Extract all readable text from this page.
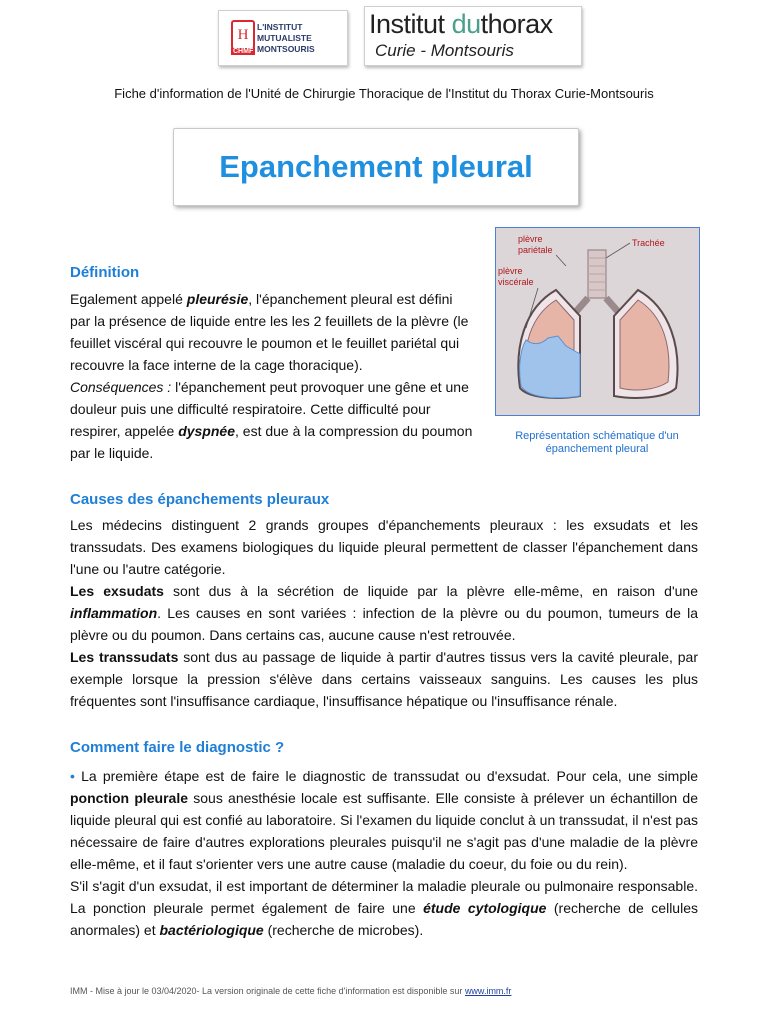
H
CHMF
L'INSTITUT
MUTUALISTE
MONTSOURIS
Institut duthorax
Curie - Montsouris
Fiche d'information de l'Unité de Chirurgie Thoracique de l'Institut du Thorax Curie-Montsouris
Epanchement pleural
plèvre
pariétale
plèvre
viscérale
Trachée
Représentation schématique d'un épanchement pleural
Définition
Egalement appelé pleurésie, l'épanchement pleural est défini
par la présence de liquide entre les les 2 feuillets de la plèvre (le
feuillet viscéral qui recouvre le poumon et le feuillet pariétal qui
recouvre la face interne de la cage thoracique).
Conséquences : l'épanchement peut provoquer une gêne et une
douleur puis une difficulté respiratoire. Cette difficulté pour
respirer, appelée dyspnée, est due à la compression du poumon
par le liquide.
Causes des épanchements pleuraux
Les médecins distinguent 2 grands groupes d'épanchements pleuraux : les exsudats et les transsudats. Des examens biologiques du liquide pleural permettent de classer l'épanchement dans l'une ou l'autre catégorie.
Les exsudats sont dus à la sécrétion de liquide par la plèvre elle-même, en raison d'une inflammation. Les causes en sont variées : infection de la plèvre ou du poumon, tumeurs de la plèvre ou du poumon. Dans certains cas, aucune cause n'est retrouvée.
Les transsudats sont dus au passage de liquide à partir d'autres tissus vers la cavité pleurale, par exemple lorsque la pression s'élève dans certains vaisseaux sanguins. Les causes les plus fréquentes sont l'insuffisance cardiaque, l'insuffisance hépatique ou l'insuffisance rénale.
Comment faire le diagnostic ?
• La première étape est de faire le diagnostic de transsudat ou d'exsudat. Pour cela, une simple ponction pleurale sous anesthésie locale est suffisante. Elle consiste à prélever un échantillon de liquide pleural qui est confié au laboratoire. Si l'examen du liquide conclut à un transsudat, il n'est pas nécessaire de faire d'autres explorations pleurales puisqu'il ne s'agit pas d'une maladie de la plèvre elle-même, et il faut s'orienter vers une autre cause (maladie du coeur, du foie ou du rein).
S'il s'agit d'un exsudat, il est important de déterminer la maladie pleurale ou pulmonaire responsable. La ponction pleurale permet également de faire une étude cytologique (recherche de cellules anormales) et bactériologique (recherche de microbes).
IMM - Mise à jour le 03/04/2020- La version originale de cette fiche d'information est disponible sur www.imm.fr
